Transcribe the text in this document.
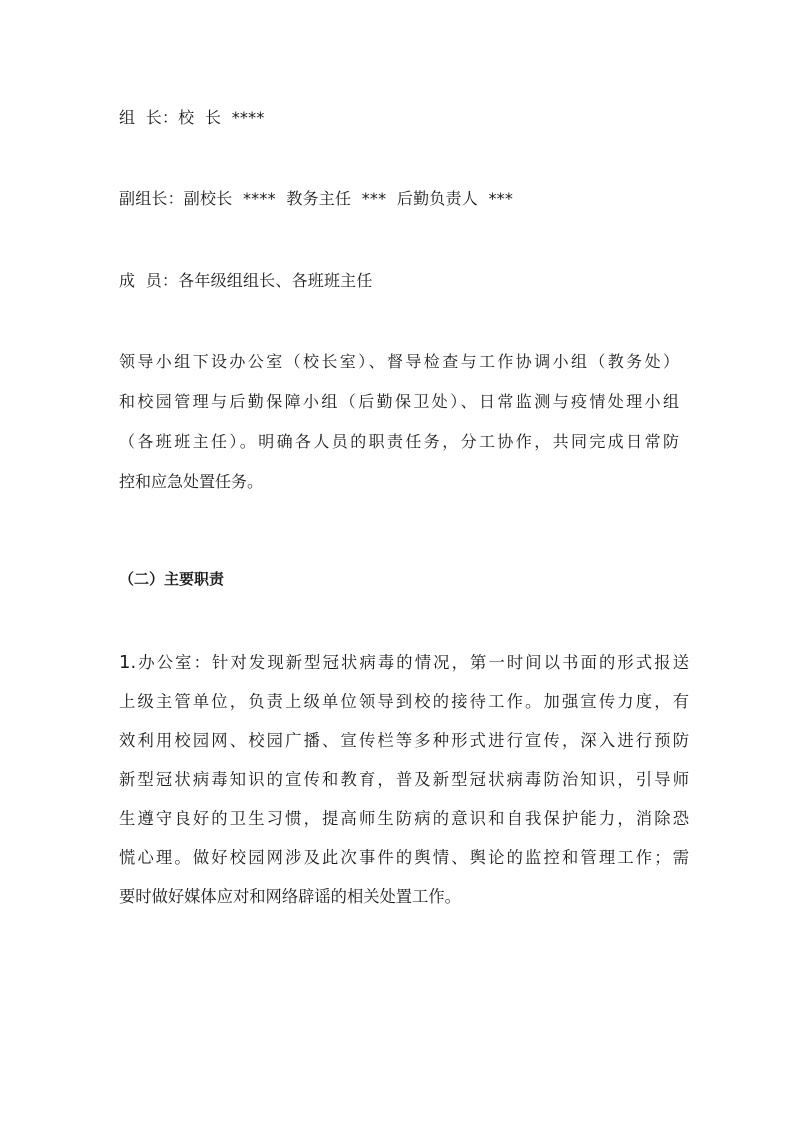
组  长：校  长  ****
副组长：副校长  ****  教务主任  ***  后勤负责人  ***
成  员：各年级组组长、各班班主任
领导小组下设办公室（校长室）、督导检查与工作协调小组（教务处）
和校园管理与后勤保障小组（后勤保卫处）、日常监测与疫情处理小组
（各班班主任）。明确各人员的职责任务，分工协作，共同完成日常防
控和应急处置任务。
（二）主要职责
1.办公室：针对发现新型冠状病毒的情况，第一时间以书面的形式报送
上级主管单位，负责上级单位领导到校的接待工作。加强宣传力度，有
效利用校园网、校园广播、宣传栏等多种形式进行宣传，深入进行预防
新型冠状病毒知识的宣传和教育，普及新型冠状病毒防治知识，引导师
生遵守良好的卫生习惯，提高师生防病的意识和自我保护能力，消除恐
慌心理。做好校园网涉及此次事件的舆情、舆论的监控和管理工作；需
要时做好媒体应对和网络辟谣的相关处置工作。
